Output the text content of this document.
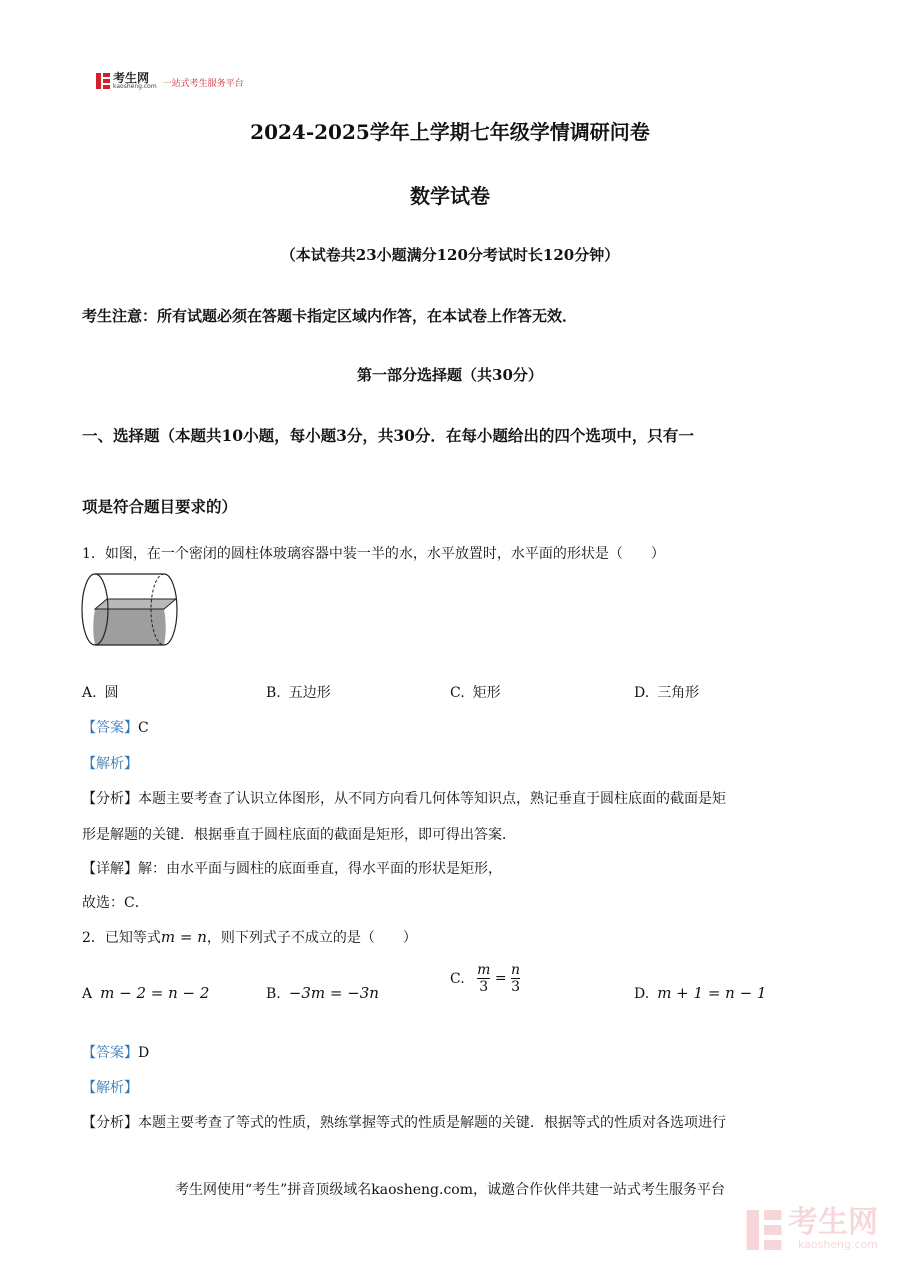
考生网
kaosheng.com 一站式考生服务平台
2024-2025学年上学期七年级学情调研问卷
数学试卷
（本试卷共23小题满分120分考试时长120分钟）
考生注意：所有试题必须在答题卡指定区域内作答，在本试卷上作答无效．
第一部分选择题（共30分）
一、选择题（本题共10小题，每小题3分，共30分．在每小题给出的四个选项中，只有一
项是符合题目要求的）
1．如图，在一个密闭的圆柱体玻璃容器中装一半的水，水平放置时，水平面的形状是（　　）
A. 圆	B. 五边形	C. 矩形	D. 三角形
【答案】C
【解析】
【分析】本题主要考查了认识立体图形，从不同方向看几何体等知识点，熟记垂直于圆柱底面的截面是矩
形是解题的关键．根据垂直于圆柱底面的截面是矩形，即可得出答案．
【详解】解：由水平面与圆柱的底面垂直，得水平面的形状是矩形，
故选：C．
2．已知等式m = n，则下列式子不成立的是（　　）
A m − 2 = n − 2	B. −3m = −3n
C. $\frac{m}{3} = \frac{n}{3}$	D. m + 1 = n − 1
【答案】D
【解析】
【分析】本题主要考查了等式的性质，熟练掌握等式的性质是解题的关键．根据等式的性质对各选项进行
考生网使用“考生”拼音顶级域名kaosheng.com，诚邀合作伙伴共建一站式考生服务平台
考生网
kaosheng.com
